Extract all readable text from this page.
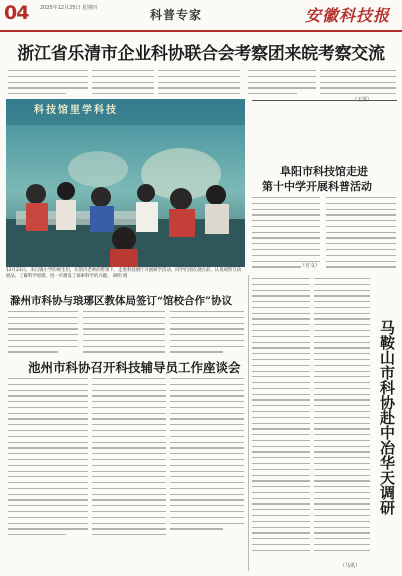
04 2025年12月25日 星期四	科普专家	安徽科技报
浙江省乐清市企业科协联合会考察团来皖考察交流
科技馆里学科技
12月23日，来自镇小学的师生们，在馆内老师的带领下，走进科技展厅开展研学活动，同学们围在展台前，认真观察互动展品，了解科学原理，进一步激发了探索科学的兴趣。 胡明 摄
阜阳市科技馆走进
第十中学开展科普活动
（方文）
滁州市科协与琅琊区教体局签订“馆校合作”协议
池州市科协召开科技辅导员工作座谈会	马鞍山市科协赴中冶华天调研
（马讯）
